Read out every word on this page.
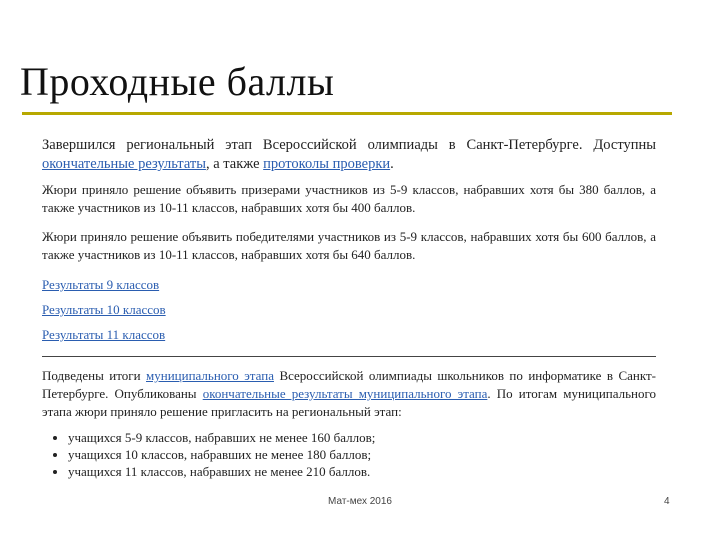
Проходные баллы

Завершился региональный этап Всероссийской олимпиады в Санкт-Петербурге. Доступны окончательные результаты, а также протоколы проверки.

Жюри приняло решение объявить призерами участников из 5-9 классов, набравших хотя бы 380 баллов, а также участников из 10-11 классов, набравших хотя бы 400 баллов.

Жюри приняло решение объявить победителями участников из 5-9 классов, набравших хотя бы 600 баллов, а также участников из 10-11 классов, набравших хотя бы 640 баллов.

Результаты 9 классов

Результаты 10 классов

Результаты 11 классов

Подведены итоги муниципального этапа Всероссийской олимпиады школьников по информатике в Санкт-Петербурге. Опубликованы окончательные результаты муниципального этапа. По итогам муниципального этапа жюри приняло решение пригласить на региональный этап:

• учащихся 5-9 классов, набравших не менее 160 баллов;
• учащихся 10 классов, набравших не менее 180 баллов;
• учащихся 11 классов, набравших не менее 210 баллов.
Мат-мех 2016	4
